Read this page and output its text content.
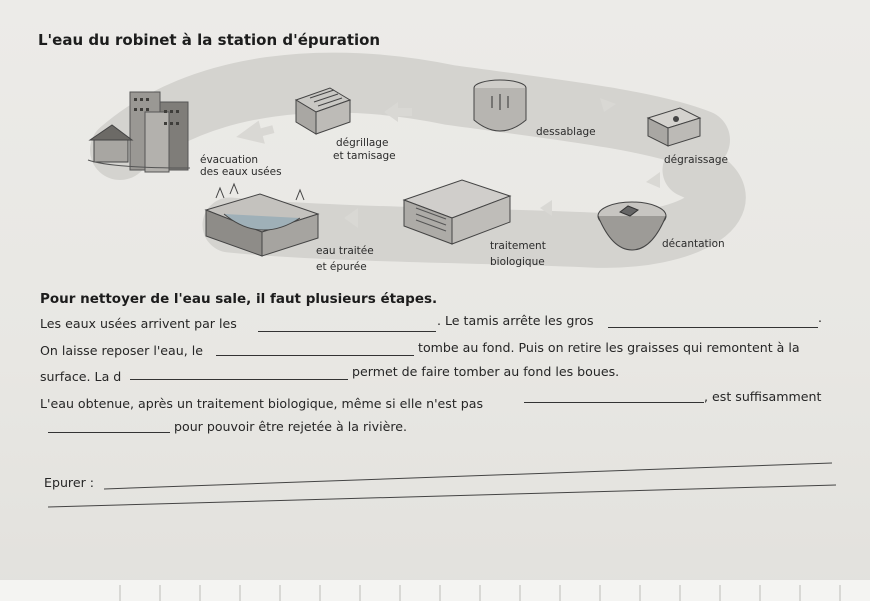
L'eau du robinet à la station d'épuration
évacuation
des eaux usées
dégrillage
et tamisage
dessablage
dégraissage
décantation
traitement
biologique
eau traitée
et épurée
Pour nettoyer de l'eau sale, il faut plusieurs étapes.
Les eaux usées arrivent par les	. Le tamis arrête les gros	.
On laisse reposer l'eau, le	tombe au fond. Puis on retire les graisses qui remontent à la
surface. La d	permet de faire tomber au fond les boues.
L'eau obtenue, après un traitement biologique, même si elle n'est pas	, est suffisamment
pour pouvoir être rejetée à la rivière.
Epurer :
